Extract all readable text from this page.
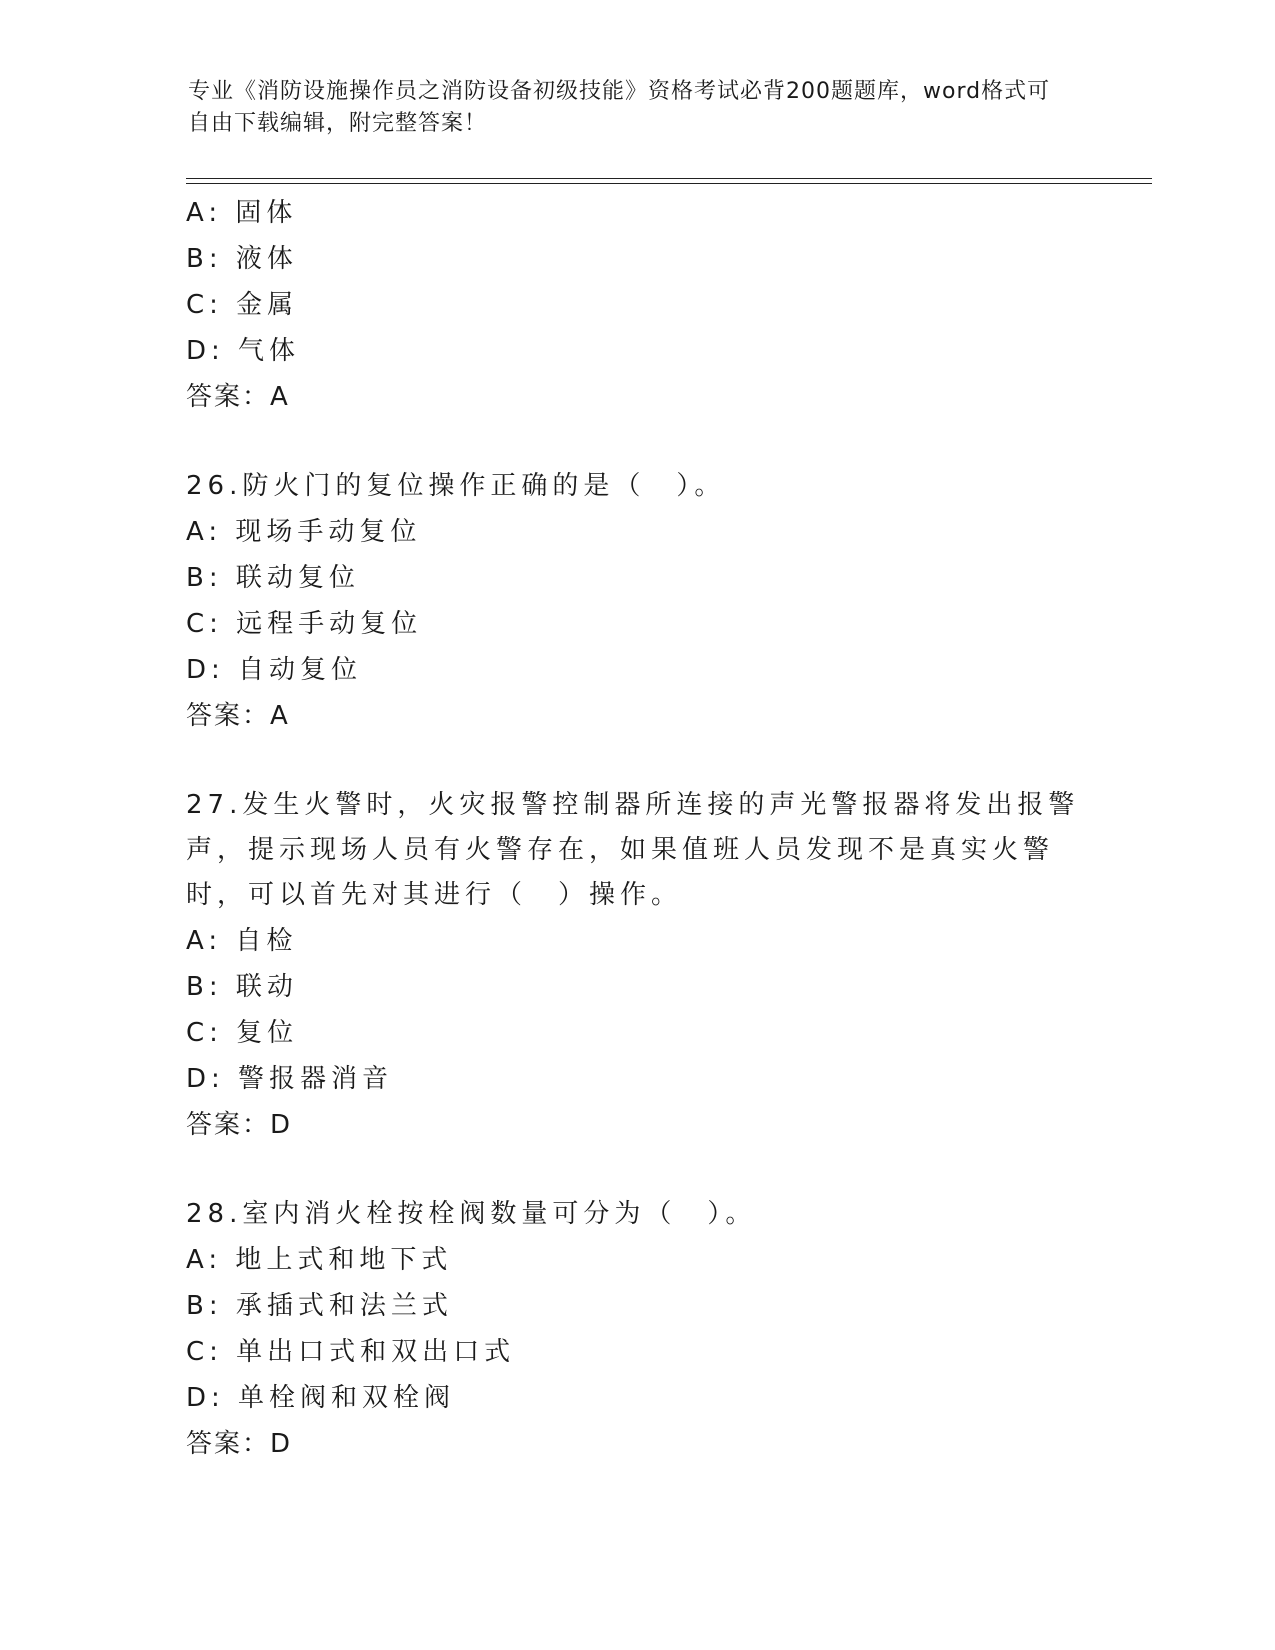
专业《消防设施操作员之消防设备初级技能》资格考试必背200题题库，word格式可自由下载编辑，附完整答案！
A: 固体
B: 液体
C: 金属
D: 气体
答案：A
26.防火门的复位操作正确的是（　）。
A: 现场手动复位
B: 联动复位
C: 远程手动复位
D: 自动复位
答案：A
27.发生火警时，火灾报警控制器所连接的声光警报器将发出报警声，提示现场人员有火警存在，如果值班人员发现不是真实火警时，可以首先对其进行（　）操作。
A: 自检
B: 联动
C: 复位
D: 警报器消音
答案：D
28.室内消火栓按栓阀数量可分为（　）。
A: 地上式和地下式
B: 承插式和法兰式
C: 单出口式和双出口式
D: 单栓阀和双栓阀
答案：D
